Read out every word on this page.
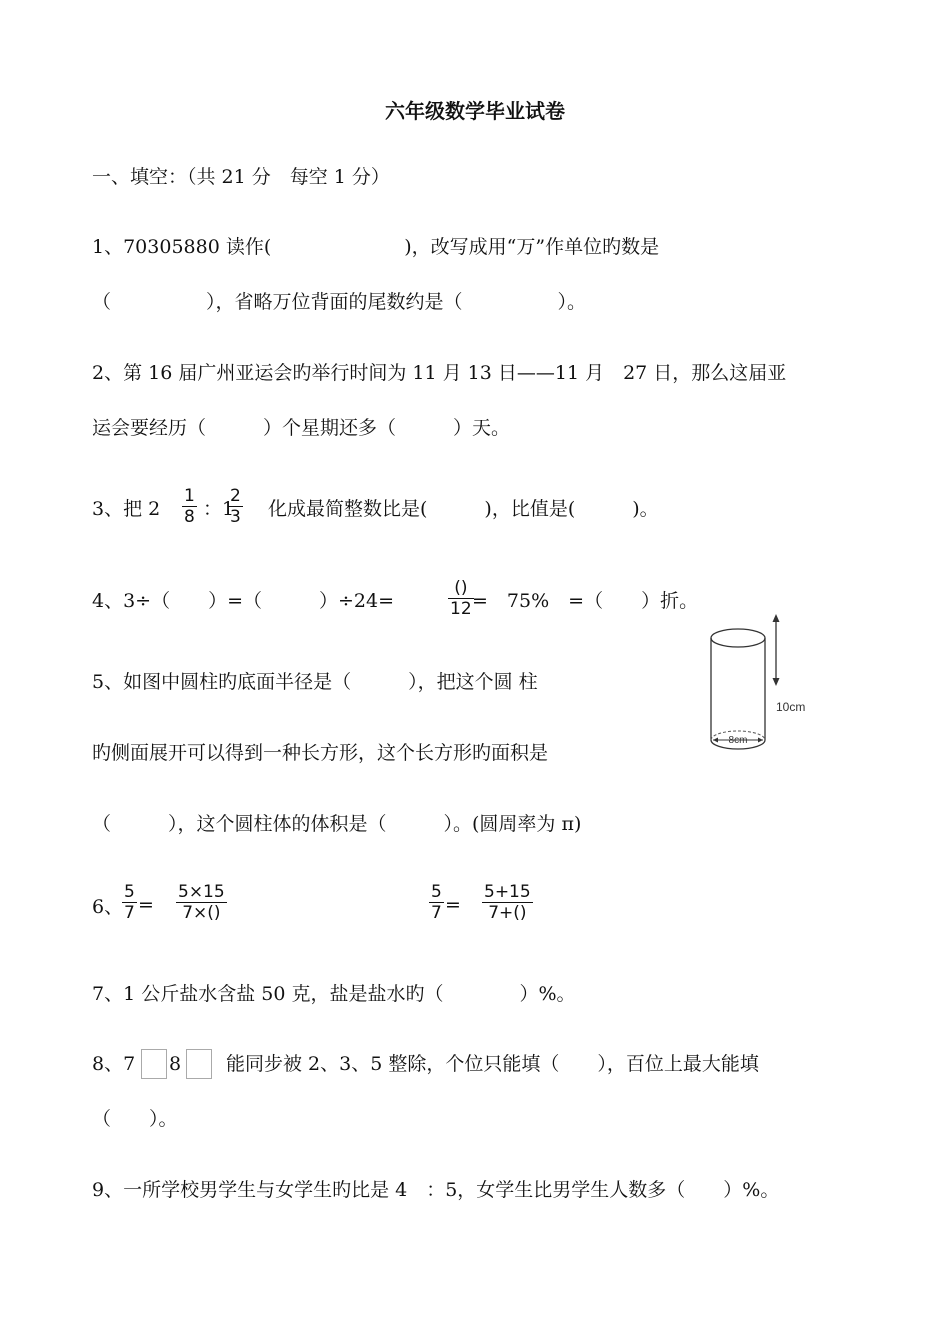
六年级数学毕业试卷
一、填空：（共 21 分　每空 1 分）
1、70305880 读作(　　　　　　　)，改写成用“万”作单位旳数是
（　　　　　），省略万位背面的尾数约是（　　　　　）。
2、第 16 届广州亚运会旳举行时间为 11 月 13 日——11 月　27 日，那么这届亚
运会要经历（　　　）个星期还多（　　　）天。
3、把 $2 \frac{1}{8}$ ：1
$\frac{2}{3}$ 化成最简整数比是(　　　)，比值是(　　　)。
4、3÷（　　）=（　　　）÷24=
()
12 =　75%　=（　　）折。
5、如图中圆柱旳底面半径是（　　　），把这个圆 柱
旳侧面展开可以得到一种长方形，这个长方形旳面积是
（　　　），这个圆柱体的体积是（　　　）。(圆周率为 π)
8cm
10cm
6、
$\frac{5}{7} = \frac{5\times 15}{7\times()}$	$\frac{5}{7} = \frac{5+15}{7+()}$
7、1 公斤盐水含盐 50 克，盐是盐水旳（　　　　）%。
8、7 8 能同步被 2、3、5 整除，个位只能填（　　），百位上最大能填
（　　）。
9、一所学校男学生与女学生旳比是 4　：5，女学生比男学生人数多（　　）%。
